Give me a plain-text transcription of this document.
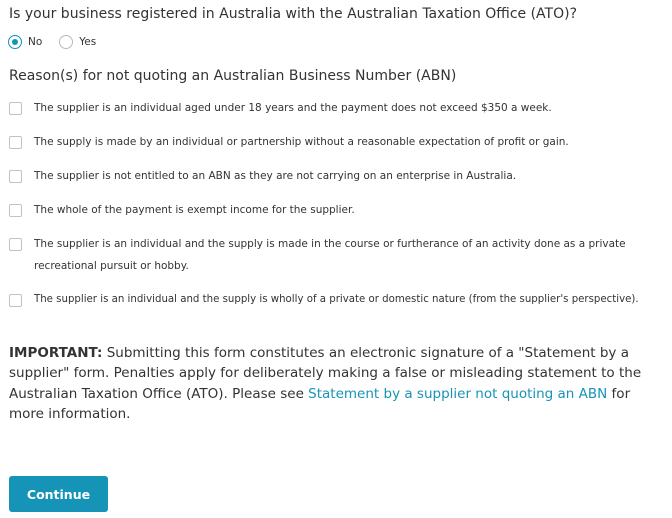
Is your business registered in Australia with the Australian Taxation Office (ATO)?
No	Yes
Reason(s) for not quoting an Australian Business Number (ABN)
The supplier is an individual aged under 18 years and the payment does not exceed $350 a week.
The supply is made by an individual or partnership without a reasonable expectation of profit or gain.
The supplier is not entitled to an ABN as they are not carrying on an enterprise in Australia.
The whole of the payment is exempt income for the supplier.
The supplier is an individual and the supply is made in the course or furtherance of an activity done as a private recreational pursuit or hobby.
The supplier is an individual and the supply is wholly of a private or domestic nature (from the supplier's perspective).
IMPORTANT: Submitting this form constitutes an electronic signature of a "Statement by a supplier" form. Penalties apply for deliberately making a false or misleading statement to the Australian Taxation Office (ATO). Please see Statement by a supplier not quoting an ABN for more information.
Continue
